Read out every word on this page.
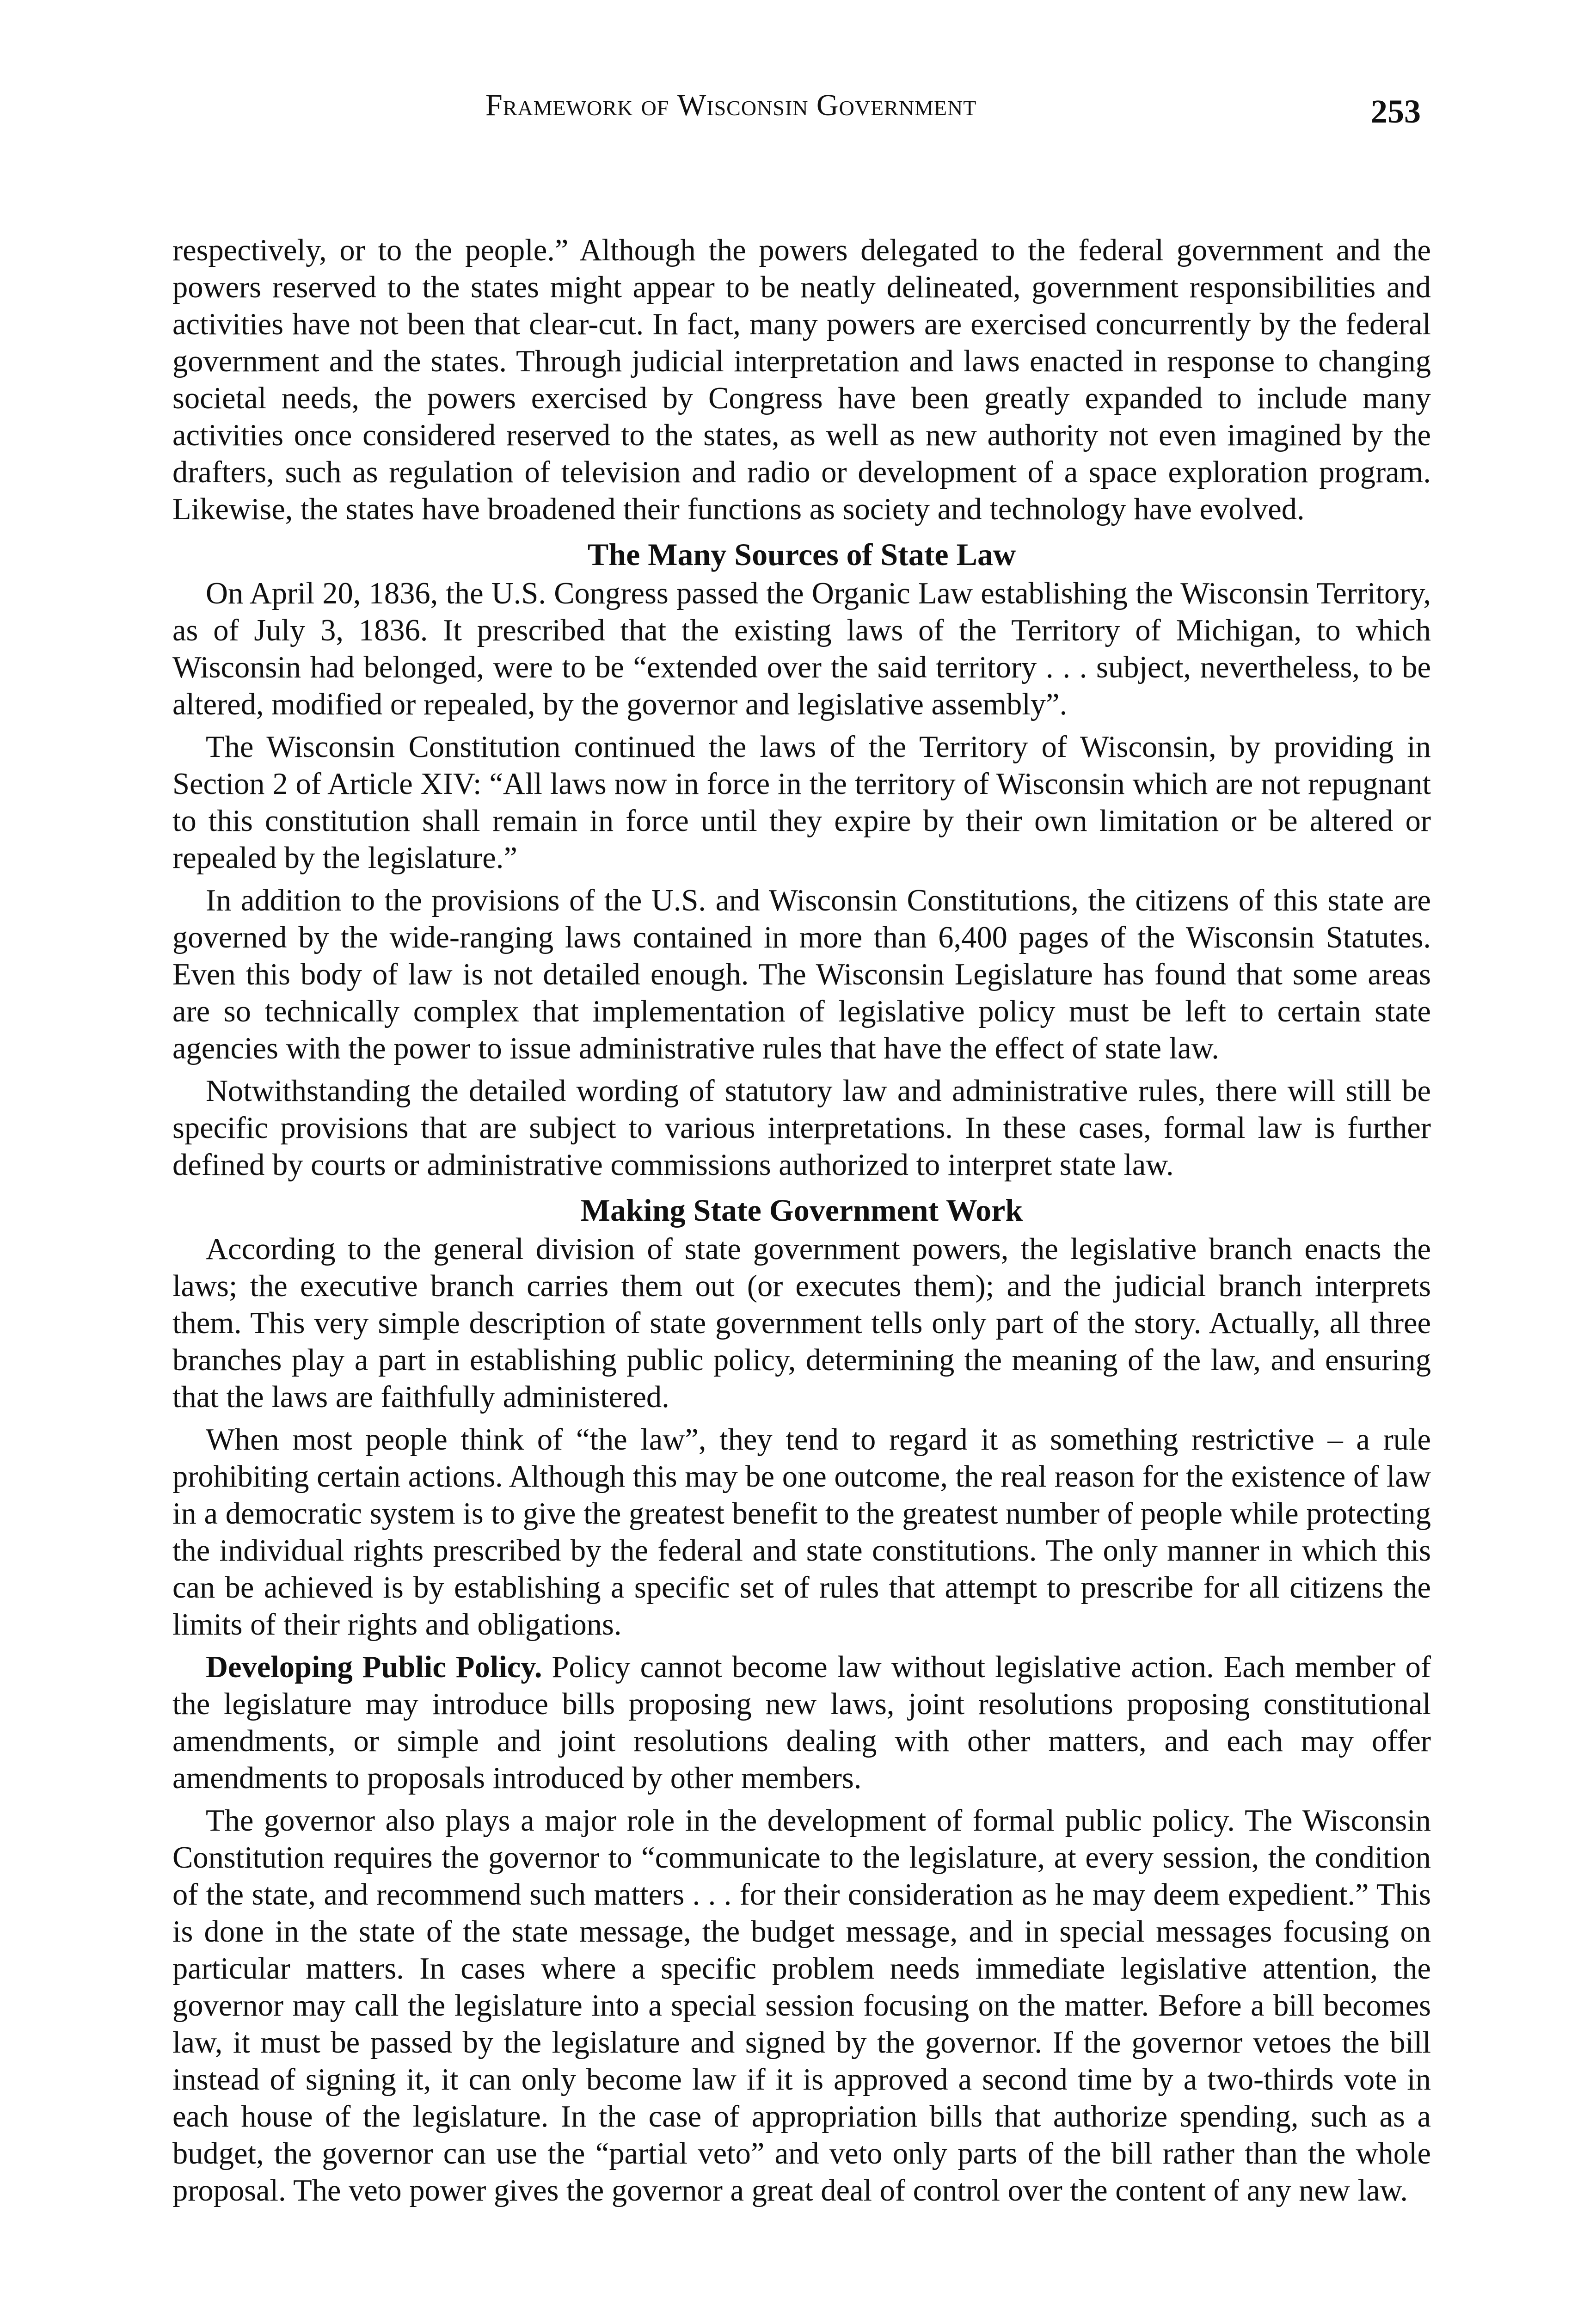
Framework of Wisconsin Government	253

respectively, or to the people.” Although the powers delegated to the federal government and the powers reserved to the states might appear to be neatly delineated, government responsibilities and activities have not been that clear-cut. In fact, many powers are exercised concurrently by the federal government and the states. Through judicial interpretation and laws enacted in response to changing societal needs, the powers exercised by Congress have been greatly expanded to include many activities once considered reserved to the states, as well as new authority not even imagined by the drafters, such as regulation of television and radio or development of a space exploration program. Likewise, the states have broadened their functions as society and technology have evolved.

The Many Sources of State Law

On April 20, 1836, the U.S. Congress passed the Organic Law establishing the Wisconsin Territory, as of July 3, 1836. It prescribed that the existing laws of the Territory of Michigan, to which Wisconsin had belonged, were to be “extended over the said territory . . . subject, nevertheless, to be altered, modified or repealed, by the governor and legislative assembly”.

The Wisconsin Constitution continued the laws of the Territory of Wisconsin, by providing in Section 2 of Article XIV: “All laws now in force in the territory of Wisconsin which are not repugnant to this constitution shall remain in force until they expire by their own limitation or be altered or repealed by the legislature.”

In addition to the provisions of the U.S. and Wisconsin Constitutions, the citizens of this state are governed by the wide-ranging laws contained in more than 6,400 pages of the Wisconsin Statutes. Even this body of law is not detailed enough. The Wisconsin Legislature has found that some areas are so technically complex that implementation of legislative policy must be left to certain state agencies with the power to issue administrative rules that have the effect of state law.

Notwithstanding the detailed wording of statutory law and administrative rules, there will still be specific provisions that are subject to various interpretations. In these cases, formal law is further defined by courts or administrative commissions authorized to interpret state law.

Making State Government Work

According to the general division of state government powers, the legislative branch enacts the laws; the executive branch carries them out (or executes them); and the judicial branch interprets them. This very simple description of state government tells only part of the story. Actually, all three branches play a part in establishing public policy, determining the meaning of the law, and ensuring that the laws are faithfully administered.

When most people think of “the law”, they tend to regard it as something restrictive – a rule prohibiting certain actions. Although this may be one outcome, the real reason for the existence of law in a democratic system is to give the greatest benefit to the greatest number of people while protecting the individual rights prescribed by the federal and state constitutions. The only manner in which this can be achieved is by establishing a specific set of rules that attempt to prescribe for all citizens the limits of their rights and obligations.

Developing Public Policy. Policy cannot become law without legislative action. Each member of the legislature may introduce bills proposing new laws, joint resolutions proposing constitutional amendments, or simple and joint resolutions dealing with other matters, and each may offer amendments to proposals introduced by other members.

The governor also plays a major role in the development of formal public policy. The Wisconsin Constitution requires the governor to “communicate to the legislature, at every session, the condition of the state, and recommend such matters . . . for their consideration as he may deem expedient.” This is done in the state of the state message, the budget message, and in special messages focusing on particular matters. In cases where a specific problem needs immediate legislative attention, the governor may call the legislature into a special session focusing on the matter. Before a bill becomes law, it must be passed by the legislature and signed by the governor. If the governor vetoes the bill instead of signing it, it can only become law if it is approved a second time by a two-thirds vote in each house of the legislature. In the case of appropriation bills that authorize spending, such as a budget, the governor can use the “partial veto” and veto only parts of the bill rather than the whole proposal. The veto power gives the governor a great deal of control over the content of any new law.
